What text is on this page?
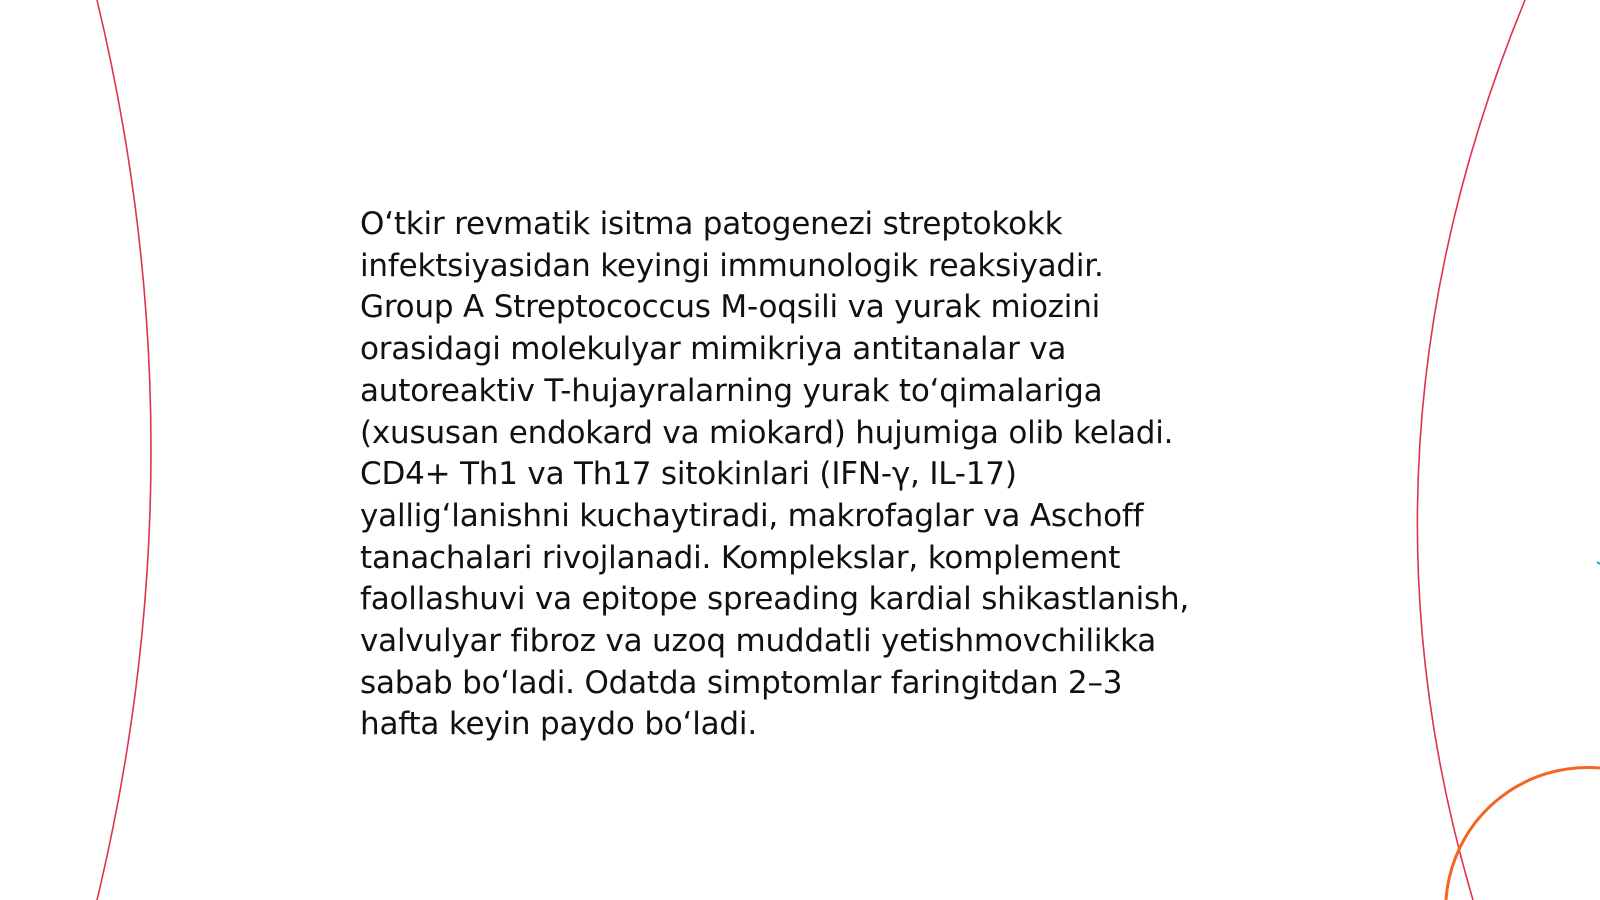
O‘tkir revmatik isitma patogenezi streptokokk
infektsiyasidan keyingi immunologik reaksiyadir.
Group A Streptococcus M-oqsili va yurak miozini
orasidagi molekulyar mimikriya antitanalar va
autoreaktiv T-hujayralarning yurak to‘qimalariga
(xususan endokard va miokard) hujumiga olib keladi.
CD4+ Th1 va Th17 sitokinlari (IFN-γ, IL-17)
yallig‘lanishni kuchaytiradi, makrofaglar va Aschoff
tanachalari rivojlanadi. Komplekslar, komplement
faollashuvi va epitope spreading kardial shikastlanish,
valvulyar fibroz va uzoq muddatli yetishmovchilikka
sabab bo‘ladi. Odatda simptomlar faringitdan 2–3
hafta keyin paydo bo‘ladi.
